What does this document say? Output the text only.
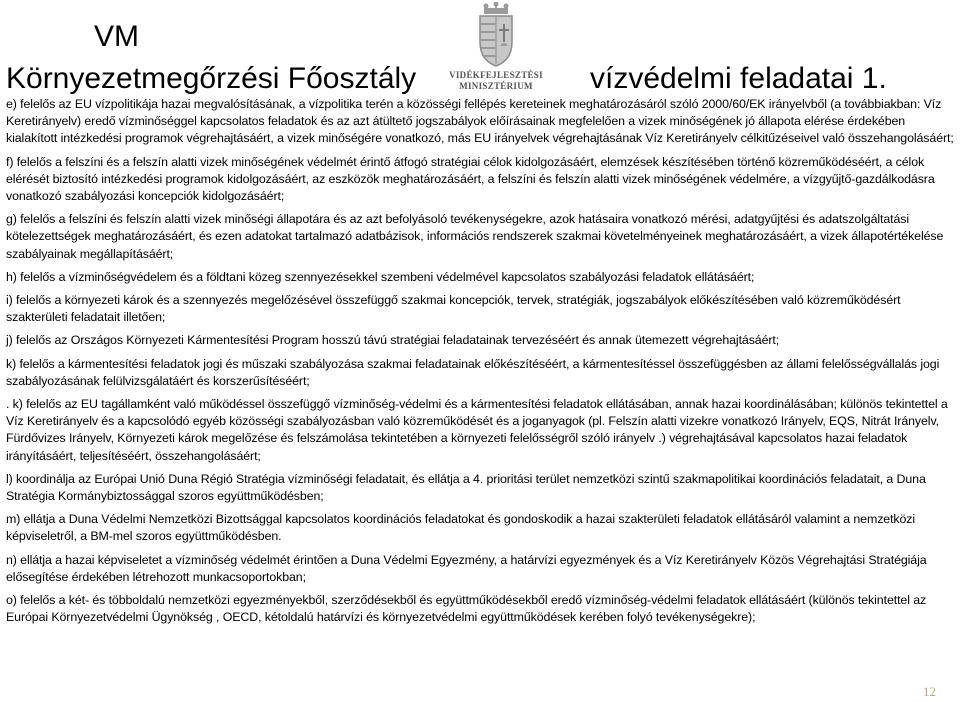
VM
Környezetmegőrzési Főosztály	vízvédelmi feladatai 1.
VIDÉKFEJLESZTÉSI
MINISZTÉRIUM

e) felelős az EU vízpolitikája hazai megvalósításának, a vízpolitika terén a közösségi fellépés kereteinek meghatározásáról szóló 2000/60/EK irányelvből (a továbbiakban: Víz Keretirányelv) eredő vízminőséggel kapcsolatos feladatok és az azt átültető jogszabályok előírásainak megfelelően a vizek minőségének jó állapota elérése érdekében kialakított intézkedési programok végrehajtásáért, a vizek minőségére vonatkozó, más EU irányelvek végrehajtásának Víz Keretirányelv célkitűzéseivel való összehangolásáért;

f) felelős a felszíni és a felszín alatti vizek minőségének védelmét érintő átfogó stratégiai célok kidolgozásáért, elemzések készítésében történő közreműködéséért, a célok elérését biztosító intézkedési programok kidolgozásáért, az eszközök meghatározásáért, a felszíni és felszín alatti vizek minőségének védelmére, a vízgyűjtő-gazdálkodásra vonatkozó szabályozási koncepciók kidolgozásáért;

g) felelős a felszíni és felszín alatti vizek minőségi állapotára és az azt befolyásoló tevékenységekre, azok hatásaira vonatkozó mérési, adatgyűjtési és adatszolgáltatási kötelezettségek meghatározásáért, és ezen adatokat tartalmazó adatbázisok, információs rendszerek szakmai követelményeinek meghatározásáért, a vizek állapotértékelése szabályainak megállapításáért;

h) felelős a vízminőségvédelem és a földtani közeg szennyezésekkel szembeni védelmével kapcsolatos szabályozási feladatok ellátásáért;

i) felelős a környezeti károk és a szennyezés megelőzésével összefüggő szakmai koncepciók, tervek, stratégiák, jogszabályok előkészítésében való közreműködésért szakterületi feladatait illetően;

j) felelős az Országos Környezeti Kármentesítési Program hosszú távú stratégiai feladatainak tervezéséért és annak ütemezett végrehajtásáért;

k) felelős a kármentesítési feladatok jogi és műszaki szabályozása szakmai feladatainak előkészítéséért, a kármentesítéssel összefüggésben az állami felelősségvállalás jogi szabályozásának felülvizsgálatáért és korszerűsítéséért;

. k) felelős az EU tagállamként való működéssel összefüggő vízminőség-védelmi és a kármentesítési feladatok ellátásában, annak hazai koordinálásában; különös tekintettel a Víz Keretirányelv és a kapcsolódó egyéb közösségi szabályozásban való közreműködését és a joganyagok (pl. Felszín alatti vizekre vonatkozó Irányelv, EQS, Nitrát Irányelv, Fürdővizes Irányelv, Környezeti károk megelőzése és felszámolása tekintetében a környezeti felelősségről szóló irányelv .) végrehajtásával kapcsolatos hazai feladatok irányításáért, teljesítéséért, összehangolásáért;

l) koordinálja az Európai Unió Duna Régió Stratégia vízminőségi feladatait, és ellátja a 4. prioritási terület nemzetközi szintű szakmapolitikai koordinációs feladatait, a Duna Stratégia Kormánybiztossággal szoros együttműködésben;

m) ellátja a Duna Védelmi Nemzetközi Bizottsággal kapcsolatos koordinációs feladatokat és gondoskodik a hazai szakterületi feladatok ellátásáról valamint a nemzetközi képviseletről, a BM-mel szoros együttműködésben.

n) ellátja a hazai képviseletet a vízminőség védelmét érintően a Duna Védelmi Egyezmény, a határvízi egyezmények és a Víz Keretirányelv Közös Végrehajtási Stratégiája elősegítése érdekében létrehozott munkacsoportokban;

o) felelős a két- és többoldalú nemzetközi egyezményekből, szerződésekből és együttműködésekből eredő vízminőség-védelmi feladatok ellátásáért (különös tekintettel az Európai Környezetvédelmi Ügynökség , OECD, kétoldalú határvízi és környezetvédelmi együttműködések kerében folyó tevékenységekre);

12
